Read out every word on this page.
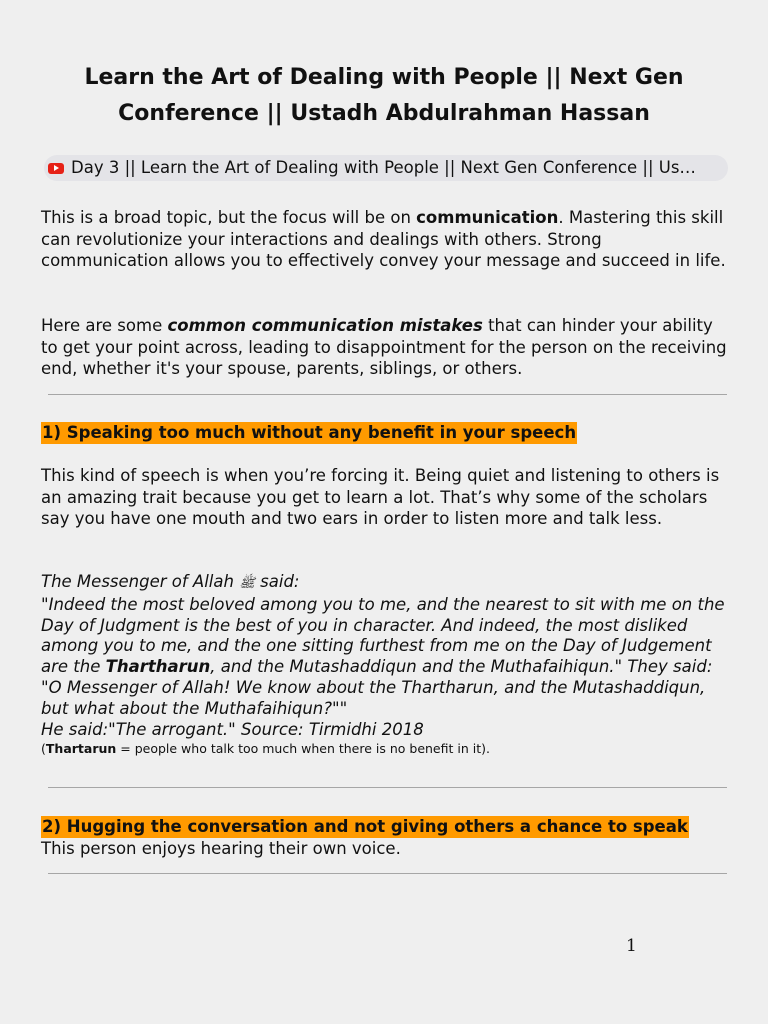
Learn the Art of Dealing with People || Next Gen Conference || Ustadh Abdulrahman Hassan
Day 3 || Learn the Art of Dealing with People || Next Gen Conference || Us…

This is a broad topic, but the focus will be on communication. Mastering this skill can revolutionize your interactions and dealings with others. Strong communication allows you to effectively convey your message and succeed in life.

Here are some common communication mistakes that can hinder your ability to get your point across, leading to disappointment for the person on the receiving end, whether it's your spouse, parents, siblings, or others.

1) Speaking too much without any benefit in your speech

This kind of speech is when you’re forcing it. Being quiet and listening to others is an amazing trait because you get to learn a lot. That’s why some of the scholars say you have one mouth and two ears in order to listen more and talk less.

The Messenger of Allah ﷺ said:
"Indeed the most beloved among you to me, and the nearest to sit with me on the Day of Judgment is the best of you in character. And indeed, the most disliked among you to me, and the one sitting furthest from me on the Day of Judgement are the Thartharun, and the Mutashaddiqun and the Muthafaihiqun." They said: "O Messenger of Allah! We know about the Thartharun, and the Mutashaddiqun, but what about the Muthafaihiqun?""
He said:"The arrogant." Source: Tirmidhi 2018
(Thartarun = people who talk too much when there is no benefit in it).

2) Hugging the conversation and not giving others a chance to speak

This person enjoys hearing their own voice.

1
